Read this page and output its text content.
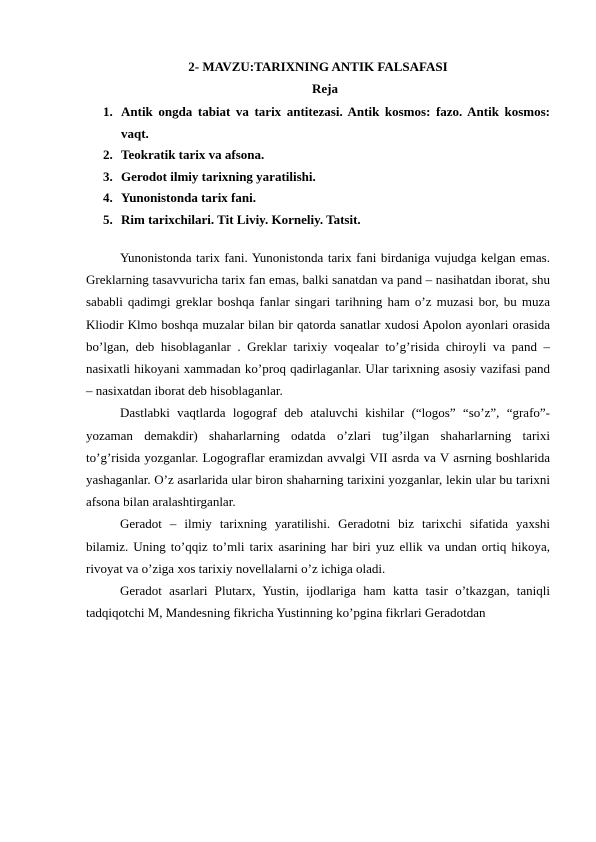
2- MAVZU:TARIXNING ANTIK FALSAFASI
Reja
1. Antik ongda tabiat va tarix antitezasi. Antik kosmos: fazo. Antik kosmos: vaqt.
2. Teokratik tarix va afsona.
3. Gerodot ilmiy tarixning yaratilishi.
4. Yunonistonda tarix fani.
5. Rim tarixchilari. Tit Liviy. Korneliy. Tatsit.

Yunonistonda tarix fani. Yunonistonda tarix fani birdaniga vujudga kelgan emas. Greklarning tasavvuricha tarix fan emas, balki sanatdan va pand – nasihatdan iborat, shu sababli qadimgi greklar boshqa fanlar singari tarihning ham o’z muzasi bor, bu muza Kliodir Klmo boshqa muzalar bilan bir qatorda sanatlar xudosi Apolon ayonlari orasida bo’lgan, deb hisoblaganlar . Greklar tarixiy voqealar to’g’risida chiroyli va pand – nasixatli hikoyani xammadan ko’proq qadirlaganlar. Ular tarixning asosiy vazifasi pand – nasixatdan iborat deb hisoblaganlar.

Dastlabki vaqtlarda logograf deb ataluvchi kishilar (“logos” “so’z”, “grafo”- yozaman demakdir) shaharlarning odatda o’zlari tug’ilgan shaharlarning tarixi to’g’risida yozganlar. Logograflar eramizdan avvalgi VII asrda va V asrning boshlarida yashaganlar. O’z asarlarida ular biron shaharning tarixini yozganlar, lekin ular bu tarixni afsona bilan aralashtirganlar.

Geradot – ilmiy tarixning yaratilishi. Geradotni biz tarixchi sifatida yaxshi bilamiz. Uning to’qqiz to’mli tarix asarining har biri yuz ellik va undan ortiq hikoya, rivoyat va o’ziga xos tarixiy novellalarni o’z ichiga oladi.

Geradot asarlari Plutarx, Yustin, ijodlariga ham katta tasir o’tkazgan, taniqli tadqiqotchi M, Mandesning fikricha Yustinning ko’pgina fikrlari Geradotdan
